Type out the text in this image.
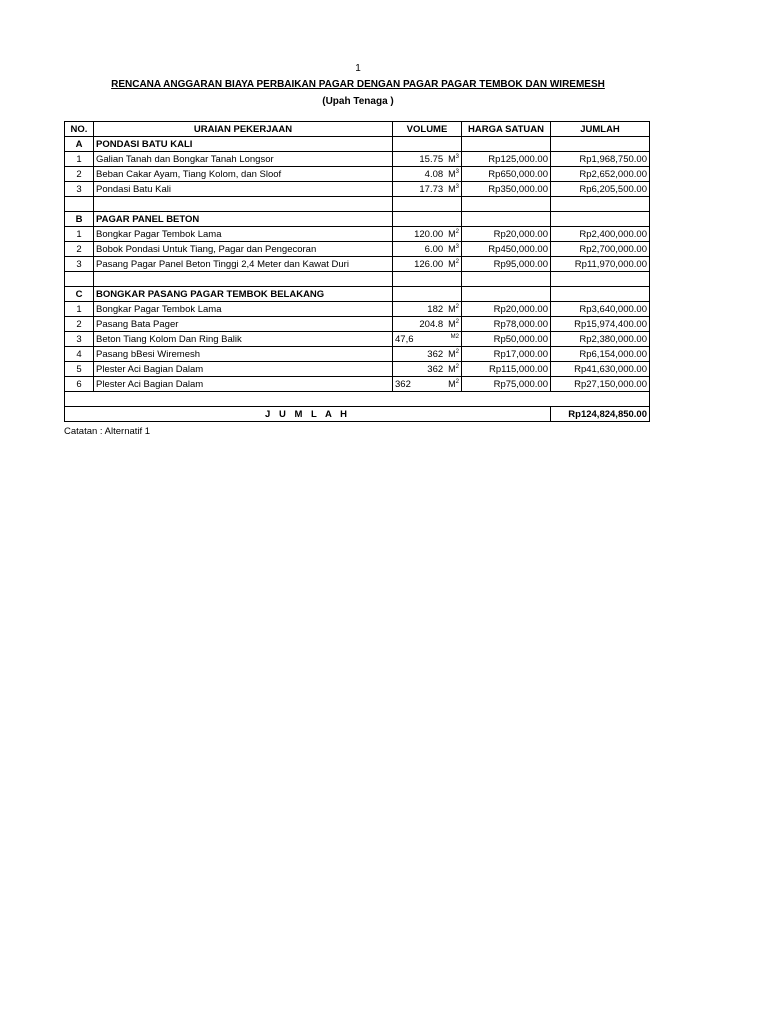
1
RENCANA ANGGARAN BIAYA PERBAIKAN PAGAR DENGAN PAGAR PAGAR TEMBOK DAN WIREMESH
(Upah Tenaga )
NO.	URAIAN PEKERJAAN	VOLUME	HARGA SATUAN	JUMLAH
A	PONDASI BATU KALI			
1	Galian Tanah dan Bongkar Tanah Longsor	15.75 $M^3$	Rp125,000.00	Rp1,968,750.00
2	Beban Cakar Ayam, Tiang Kolom, dan Sloof	4.08 $M^3$	Rp650,000.00	Rp2,652,000.00
3	Pondasi Batu Kali	17.73 $M^3$	Rp350,000.00	Rp6,205,500.00

B	PAGAR PANEL BETON			
1	Bongkar Pagar Tembok Lama	120.00 $M^2$	Rp20,000.00	Rp2,400,000.00
2	Bobok Pondasi Untuk Tiang, Pagar dan Pengecoran	6.00 $M^3$	Rp450,000.00	Rp2,700,000.00
3	Pasang Pagar Panel Beton Tinggi 2,4 Meter dan Kawat Duri	126.00 $M^2$	Rp95,000.00	Rp11,970,000.00

C	BONGKAR PASANG PAGAR TEMBOK BELAKANG			
1	Bongkar Pagar Tembok Lama	182 $M^2$	Rp20,000.00	Rp3,640,000.00
2	Pasang Bata Pager	204.8 $M^2$	Rp78,000.00	Rp15,974,400.00
3	Beton Tiang Kolom Dan Ring Balik	47,6 $^{M2}$	Rp50,000.00	Rp2,380,000.00
4	Pasang bBesi Wiremesh	362 $M^2$	Rp17,000.00	Rp6,154,000.00
5	Plester Aci Bagian Dalam	362 $M^2$	Rp115,000.00	Rp41,630,000.00
6	Plester Aci Bagian Dalam	362 $M^2$	Rp75,000.00	Rp27,150,000.00

J U M L A H				Rp124,824,850.00
Catatan : Alternatif 1
